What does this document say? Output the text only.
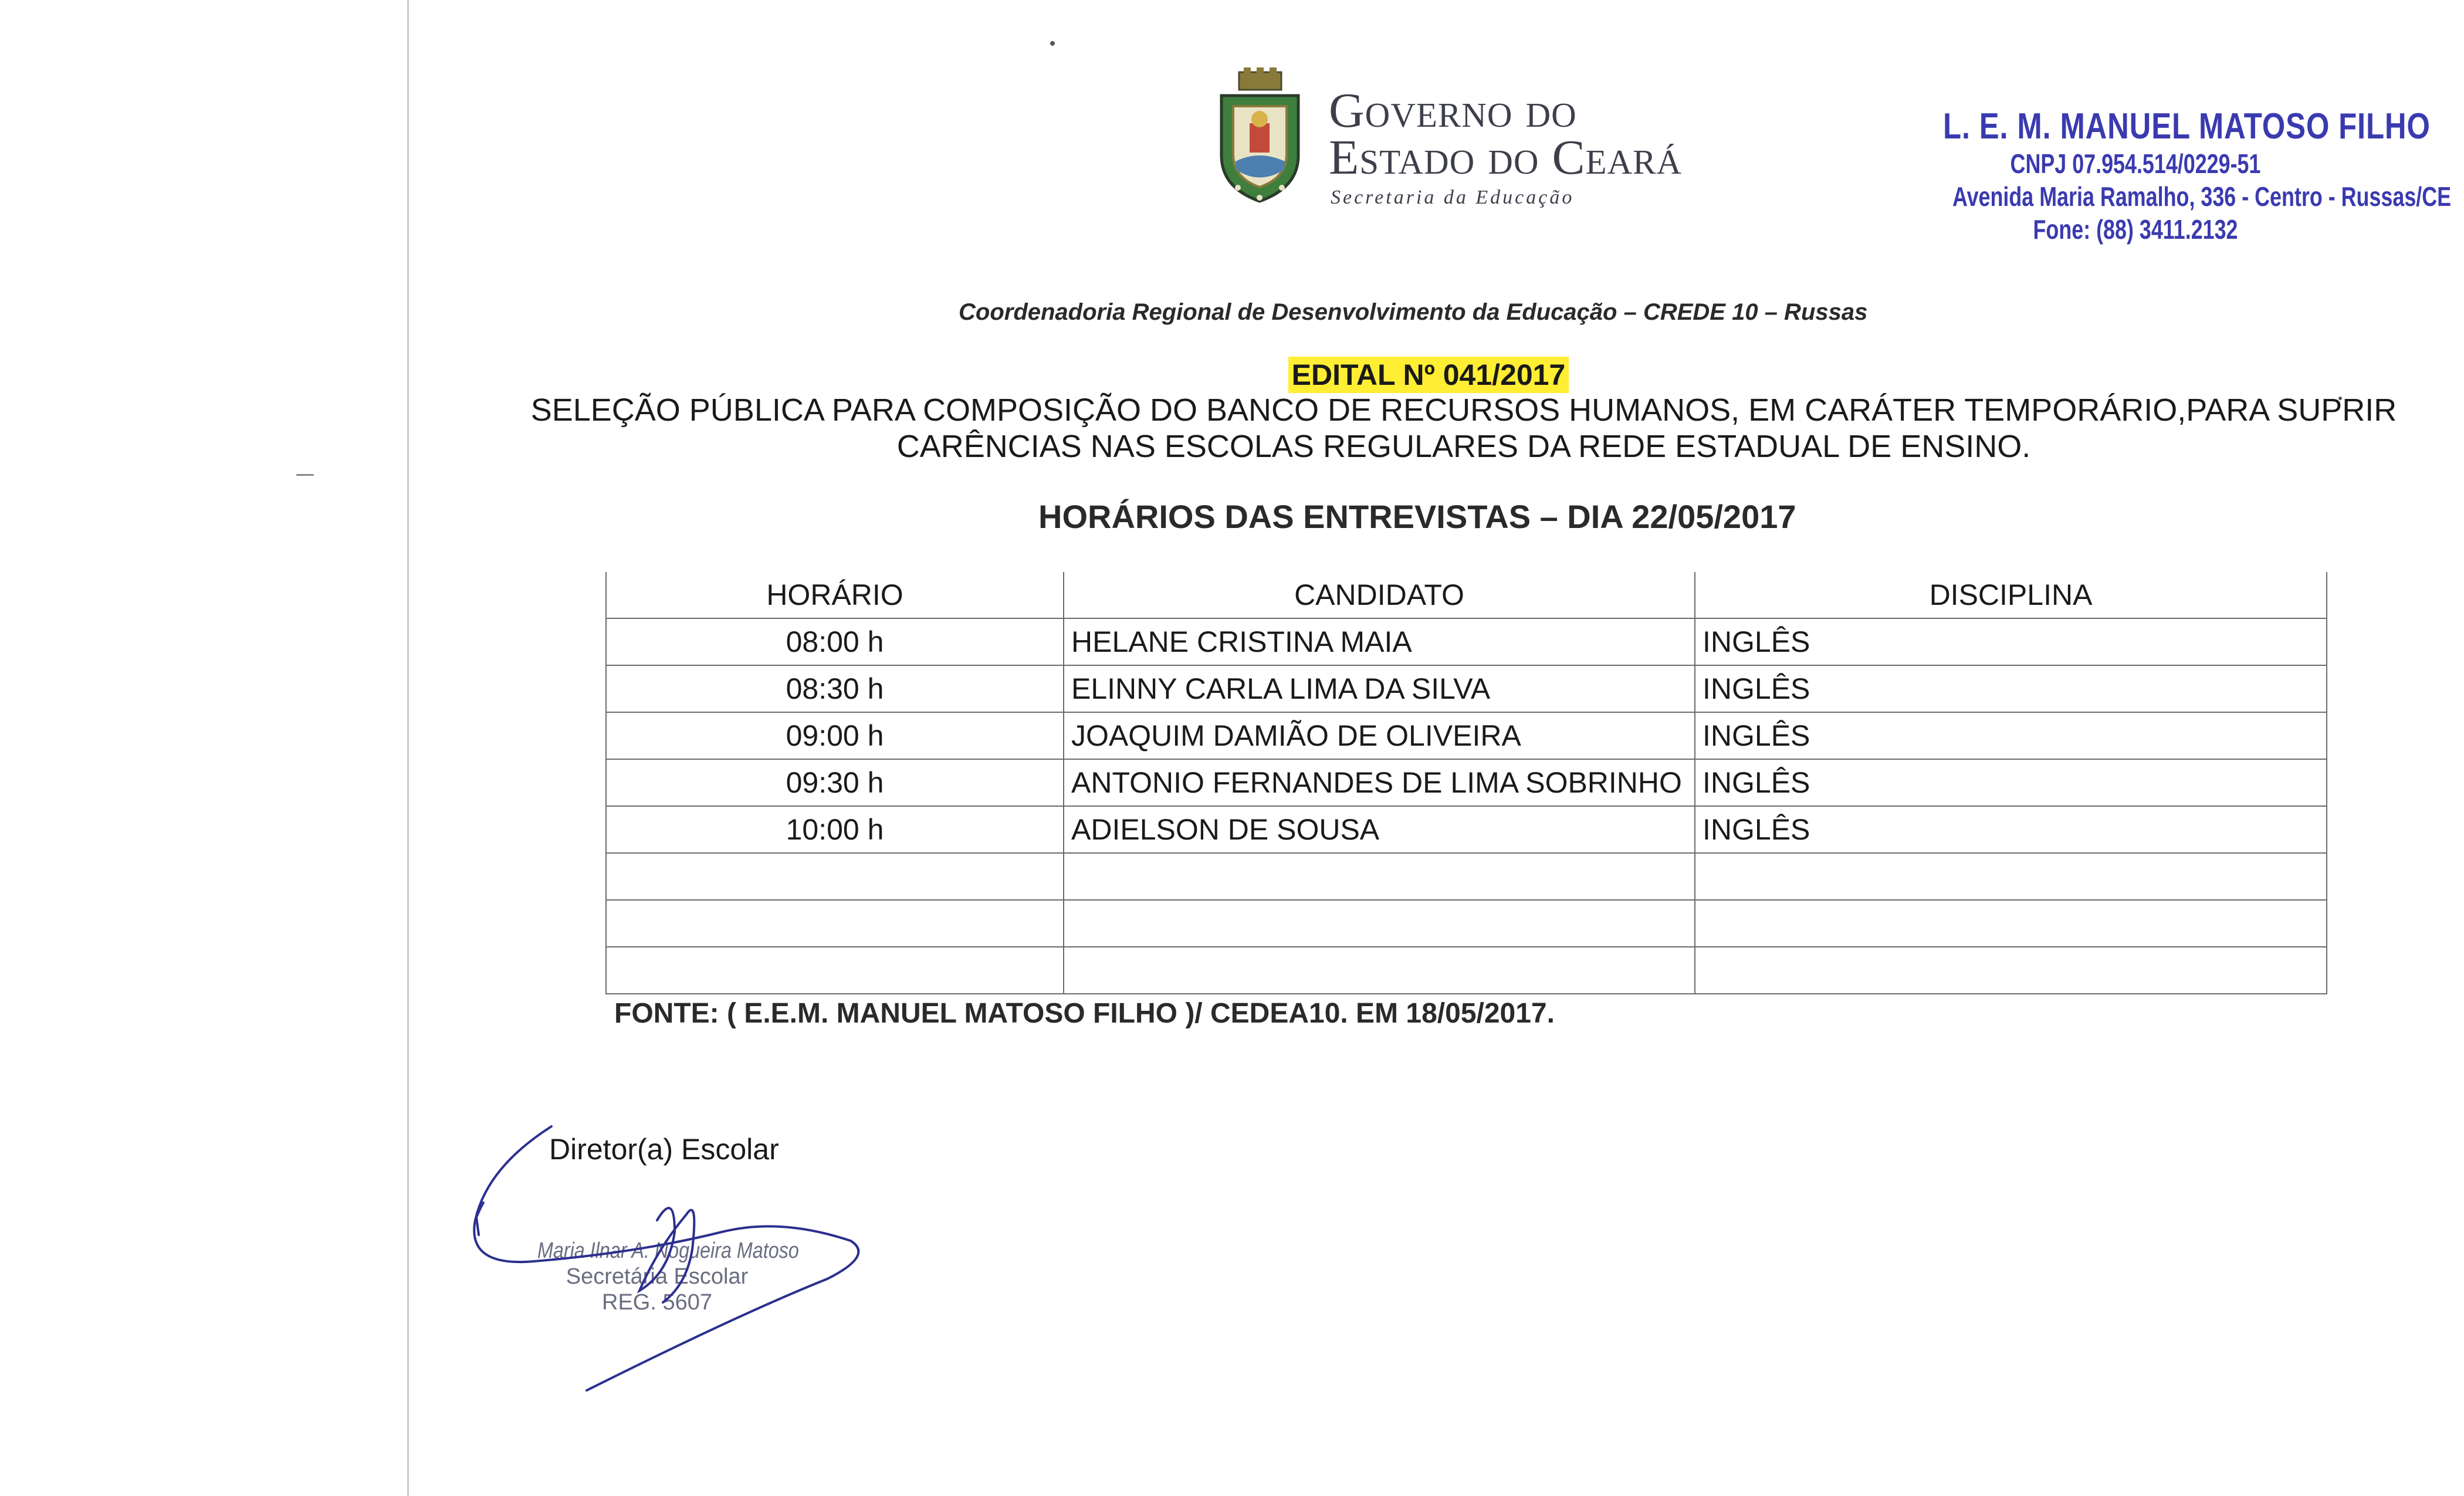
Governo do
Estado do Ceará
Secretaria da Educação
L. E. M. MANUEL MATOSO FILHO
CNPJ 07.954.514/0229-51
Avenida Maria Ramalho, 336 - Centro - Russas/CE
Fone: (88) 3411.2132
Coordenadoria Regional de Desenvolvimento da Educação – CREDE 10 – Russas
EDITAL Nº 041/2017
SELEÇÃO PÚBLICA PARA COMPOSIÇÃO DO BANCO DE RECURSOS HUMANOS, EM CARÁTER TEMPORÁRIO,PARA SUPRIR CARÊNCIAS NAS ESCOLAS REGULARES DA REDE ESTADUAL DE ENSINO.
HORÁRIOS DAS ENTREVISTAS – DIA 22/05/2017
HORÁRIO	CANDIDATO	DISCIPLINA
08:00 h	HELANE CRISTINA MAIA	INGLÊS
08:30 h	ELINNY CARLA LIMA DA SILVA	INGLÊS
09:00 h	JOAQUIM DAMIÃO DE OLIVEIRA	INGLÊS
09:30 h	ANTONIO FERNANDES DE LIMA SOBRINHO	INGLÊS
10:00 h	ADIELSON DE SOUSA	INGLÊS

FONTE: ( E.E.M. MANUEL MATOSO FILHO )/ CEDEA10. EM 18/05/2017.
Diretor(a) Escolar
Maria Ilnar A. Nogueira Matoso
Secretária Escolar
REG. 5607
